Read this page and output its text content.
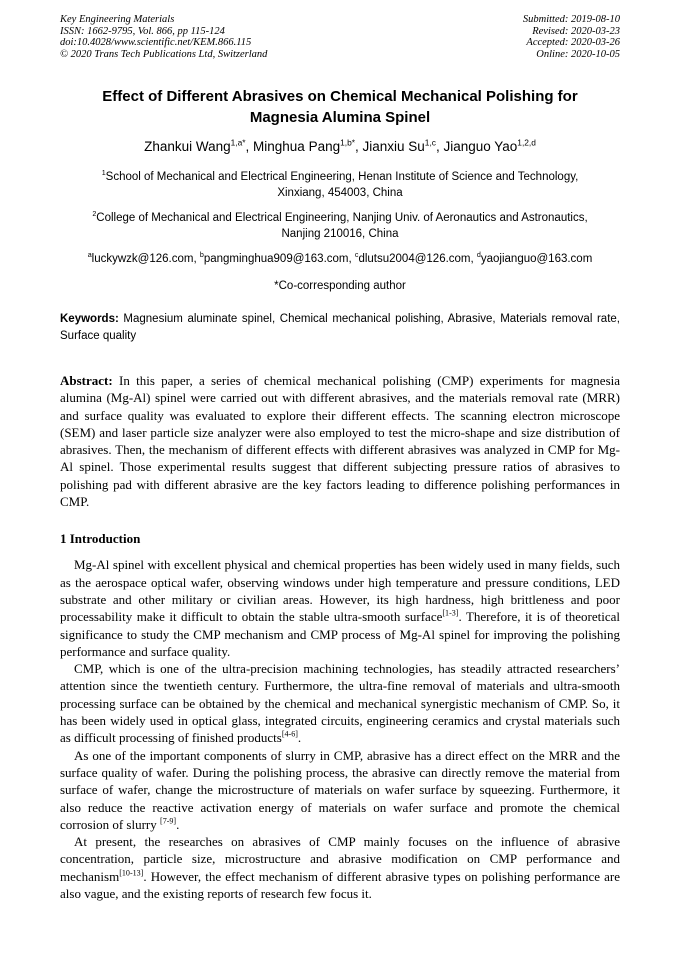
Key Engineering Materials
ISSN: 1662-9795, Vol. 866, pp 115-124
doi:10.4028/www.scientific.net/KEM.866.115
© 2020 Trans Tech Publications Ltd, Switzerland
Submitted: 2019-08-10
Revised: 2020-03-23
Accepted: 2020-03-26
Online: 2020-10-05
Effect of Different Abrasives on Chemical Mechanical Polishing for Magnesia Alumina Spinel
Zhankui Wang$^{1,a*}$, Minghua Pang$^{1,b*}$, Jianxiu Su$^{1,c}$, Jianguo Yao$^{1,2,d}$
$^1$School of Mechanical and Electrical Engineering, Henan Institute of Science and Technology,
Xinxiang, 454003, China
$^2$College of Mechanical and Electrical Engineering, Nanjing Univ. of Aeronautics and Astronautics,
Nanjing 210016, China
$^a$luckywzk@126.com, $^b$pangminghua909@163.com, $^c$dlutsu2004@126.com, $^d$yaojianguo@163.com
*Co-corresponding author

Keywords: Magnesium aluminate spinel, Chemical mechanical polishing, Abrasive, Materials removal rate, Surface quality

Abstract: In this paper, a series of chemical mechanical polishing (CMP) experiments for magnesia alumina (Mg-Al) spinel were carried out with different abrasives, and the materials removal rate (MRR) and surface quality was evaluated to explore their different effects. The scanning electron microscope (SEM) and laser particle size analyzer were also employed to test the micro-shape and size distribution of abrasives. Then, the mechanism of different effects with different abrasives was analyzed in CMP for Mg-Al spinel. Those experimental results suggest that different subjecting pressure ratios of abrasives to polishing pad with different abrasive are the key factors leading to difference polishing performances in CMP.

1 Introduction

Mg-Al spinel with excellent physical and chemical properties has been widely used in many fields, such as the aerospace optical wafer, observing windows under high temperature and pressure conditions, LED substrate and other military or civilian areas. However, its high hardness, high brittleness and poor processability make it difficult to obtain the stable ultra-smooth surface[1-3]. Therefore, it is of theoretical significance to study the CMP mechanism and CMP process of Mg-Al spinel for improving the polishing performance and surface quality.

CMP, which is one of the ultra-precision machining technologies, has steadily attracted researchers’ attention since the twentieth century. Furthermore, the ultra-fine removal of materials and ultra-smooth processing surface can be obtained by the chemical and mechanical synergistic mechanism of CMP. So, it has been widely used in optical glass, integrated circuits, engineering ceramics and crystal materials such as difficult processing of finished products[4-6].

As one of the important components of slurry in CMP, abrasive has a direct effect on the MRR and the surface quality of wafer. During the polishing process, the abrasive can directly remove the material from surface of wafer, change the microstructure of materials on wafer surface by squeezing. Furthermore, it also reduce the reactive activation energy of materials on wafer surface and promote the chemical corrosion of slurry [7-9].

At present, the researches on abrasives of CMP mainly focuses on the influence of abrasive concentration, particle size, microstructure and abrasive modification on CMP performance and mechanism[10-13]. However, the effect mechanism of different abrasive types on polishing performance are also vague, and the existing reports of research few focus it.
